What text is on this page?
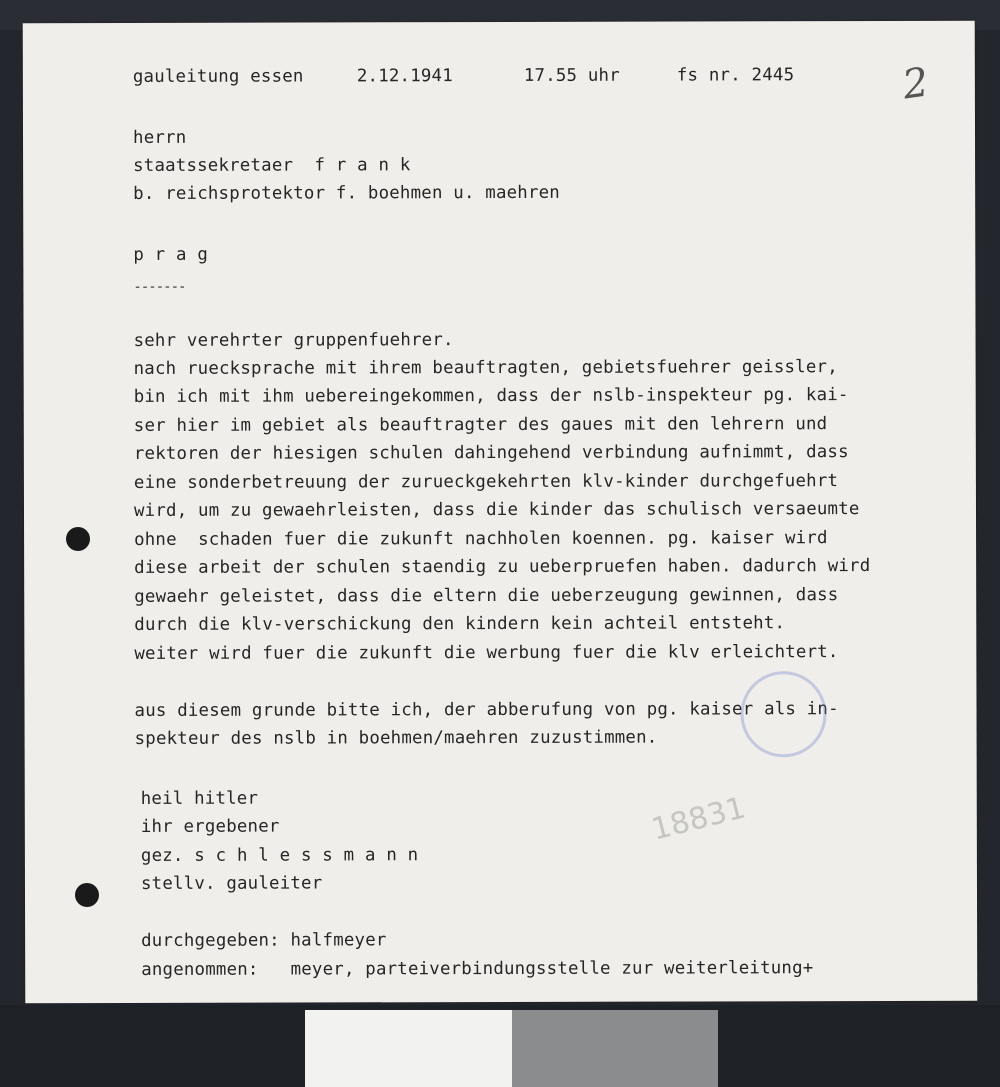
gauleitung essen	2.12.1941	17.55 uhr	fs nr. 2445	2
herrn
staatssekretaer  f r a n k
b. reichsprotektor f. boehmen u. maehren
p r a g
-------
sehr verehrter gruppenfuehrer.
nach ruecksprache mit ihrem beauftragten, gebietsfuehrer geissler,
bin ich mit ihm uebereingekommen, dass der nslb-inspekteur pg. kai-
ser hier im gebiet als beauftragter des gaues mit den lehrern und
rektoren der hiesigen schulen dahingehend verbindung aufnimmt, dass
eine sonderbetreuung der zurueckgekehrten klv-kinder durchgefuehrt
wird, um zu gewaehrleisten, dass die kinder das schulisch versaeumte
ohne  schaden fuer die zukunft nachholen koennen. pg. kaiser wird
diese arbeit der schulen staendig zu ueberpruefen haben. dadurch wird
gewaehr geleistet, dass die eltern die ueberzeugung gewinnen, dass
durch die klv-verschickung den kindern kein achteil entsteht.
weiter wird fuer die zukunft die werbung fuer die klv erleichtert.
aus diesem grunde bitte ich, der abberufung von pg. kaiser als in-
spekteur des nslb in boehmen/maehren zuzustimmen.
18831
heil hitler
ihr ergebener
gez. s c h l e s s m a n n
stellv. gauleiter
durchgegeben: halfmeyer
angenommen:   meyer, parteiverbindungsstelle zur weiterleitung+
